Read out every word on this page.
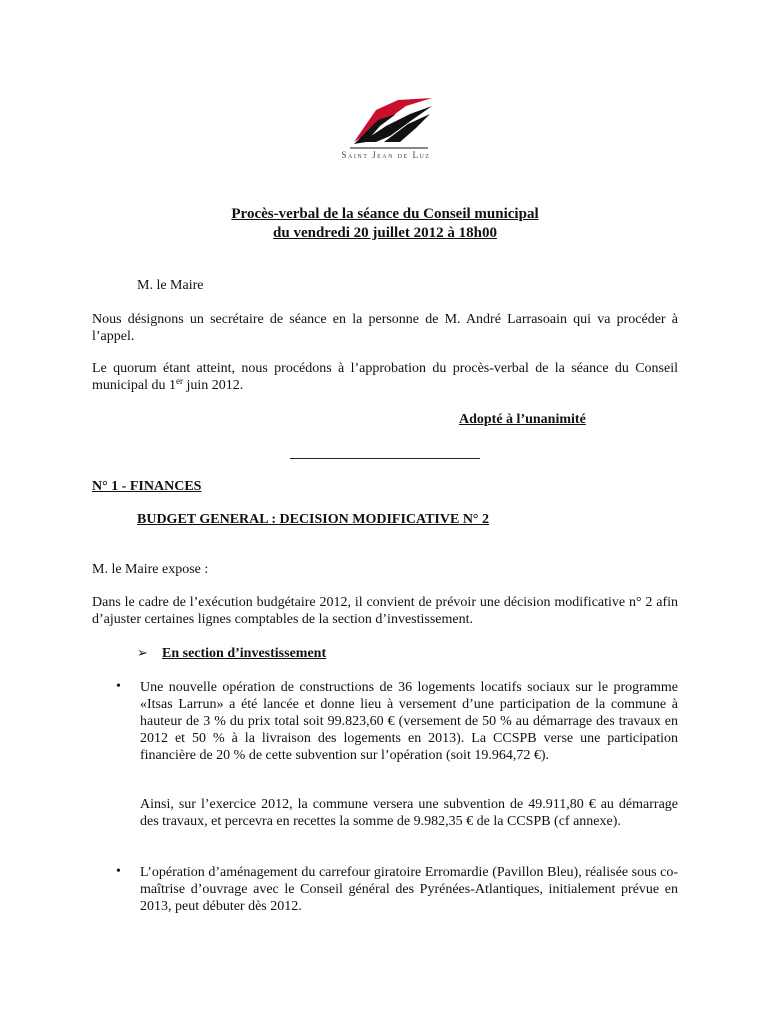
Saint Jean de Luz
Procès-verbal de la séance du Conseil municipal
du vendredi 20 juillet 2012 à 18h00
M. le Maire
Nous désignons un secrétaire de séance en la personne de M. André Larrasoain qui va procéder à l’appel.
Le quorum étant atteint, nous procédons à l’approbation du procès-verbal de la séance du Conseil municipal du 1er juin 2012.
Adopté à l’unanimité
N° 1 - FINANCES
BUDGET GENERAL : DECISION MODIFICATIVE N° 2
M. le Maire expose :
Dans le cadre de l’exécution budgétaire 2012, il convient de prévoir une décision modificative n° 2 afin d’ajuster certaines lignes comptables de la section d’investissement.
➢ En section d’investissement
• Une nouvelle opération de constructions de 36 logements locatifs sociaux sur le programme «Itsas Larrun» a été lancée et donne lieu à versement d’une participation de la commune à hauteur de 3 % du prix total soit 99.823,60 € (versement de 50 % au démarrage des travaux en 2012 et 50 % à la livraison des logements en 2013). La CCSPB verse une participation financière de 20 % de cette subvention sur l’opération (soit 19.964,72 €).
Ainsi, sur l’exercice 2012, la commune versera une subvention de 49.911,80 € au démarrage des travaux, et percevra en recettes la somme de 9.982,35 € de la CCSPB (cf annexe).
• L’opération d’aménagement du carrefour giratoire Erromardie (Pavillon Bleu), réalisée sous co-maîtrise d’ouvrage avec le Conseil général des Pyrénées-Atlantiques, initialement prévue en 2013, peut débuter dès 2012.
